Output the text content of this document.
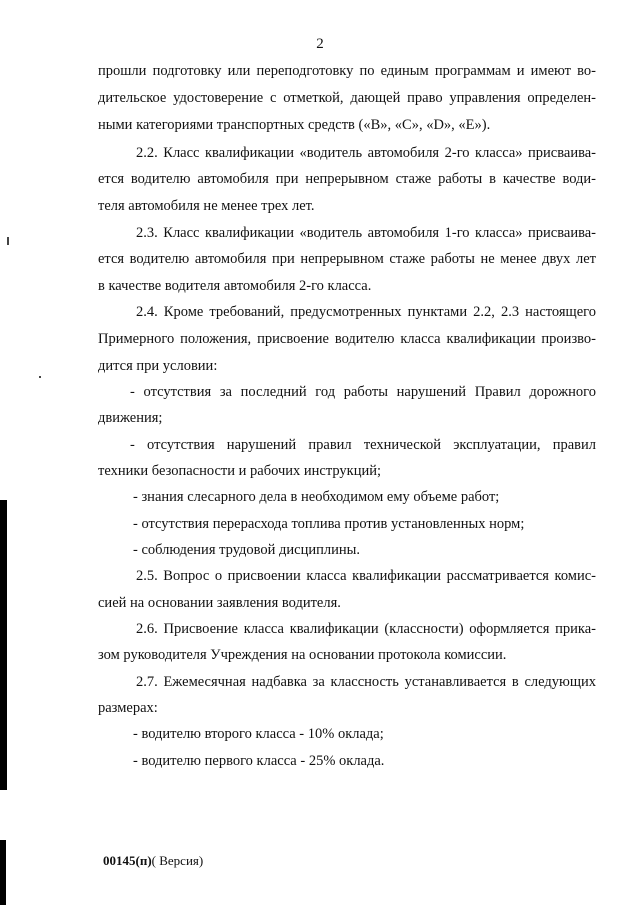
2
прошли подготовку или переподготовку по единым программам и имеют во-
дительское удостоверение с отметкой, дающей право управления определен-
ными категориями транспортных средств («В», «С», «D», «Е»).
2.2. Класс квалификации «водитель автомобиля 2-го класса» присваива-
ется водителю автомобиля при непрерывном стаже работы в качестве води-
теля автомобиля не менее трех лет.
2.3. Класс квалификации «водитель автомобиля 1-го класса» присваива-
ется водителю автомобиля при непрерывном стаже работы не менее двух лет
в качестве водителя автомобиля 2-го класса.
2.4. Кроме требований, предусмотренных пунктами 2.2, 2.3 настоящего
Примерного положения, присвоение водителю класса квалификации произво-
дится при условии:
- отсутствия за последний год работы нарушений Правил дорожного
движения;
- отсутствия нарушений правил технической эксплуатации, правил
техники безопасности и рабочих инструкций;
- знания слесарного дела в необходимом ему объеме работ;
- отсутствия перерасхода топлива против установленных норм;
- соблюдения трудовой дисциплины.
2.5. Вопрос о присвоении класса квалификации рассматривается комис-
сией на основании заявления водителя.
2.6. Присвоение класса квалификации (классности) оформляется прика-
зом руководителя Учреждения на основании протокола комиссии.
2.7. Ежемесячная надбавка за классность устанавливается в следующих
размерах:
- водителю второго класса - 10% оклада;
- водителю первого класса - 25% оклада.
00145(п)( Версия)
